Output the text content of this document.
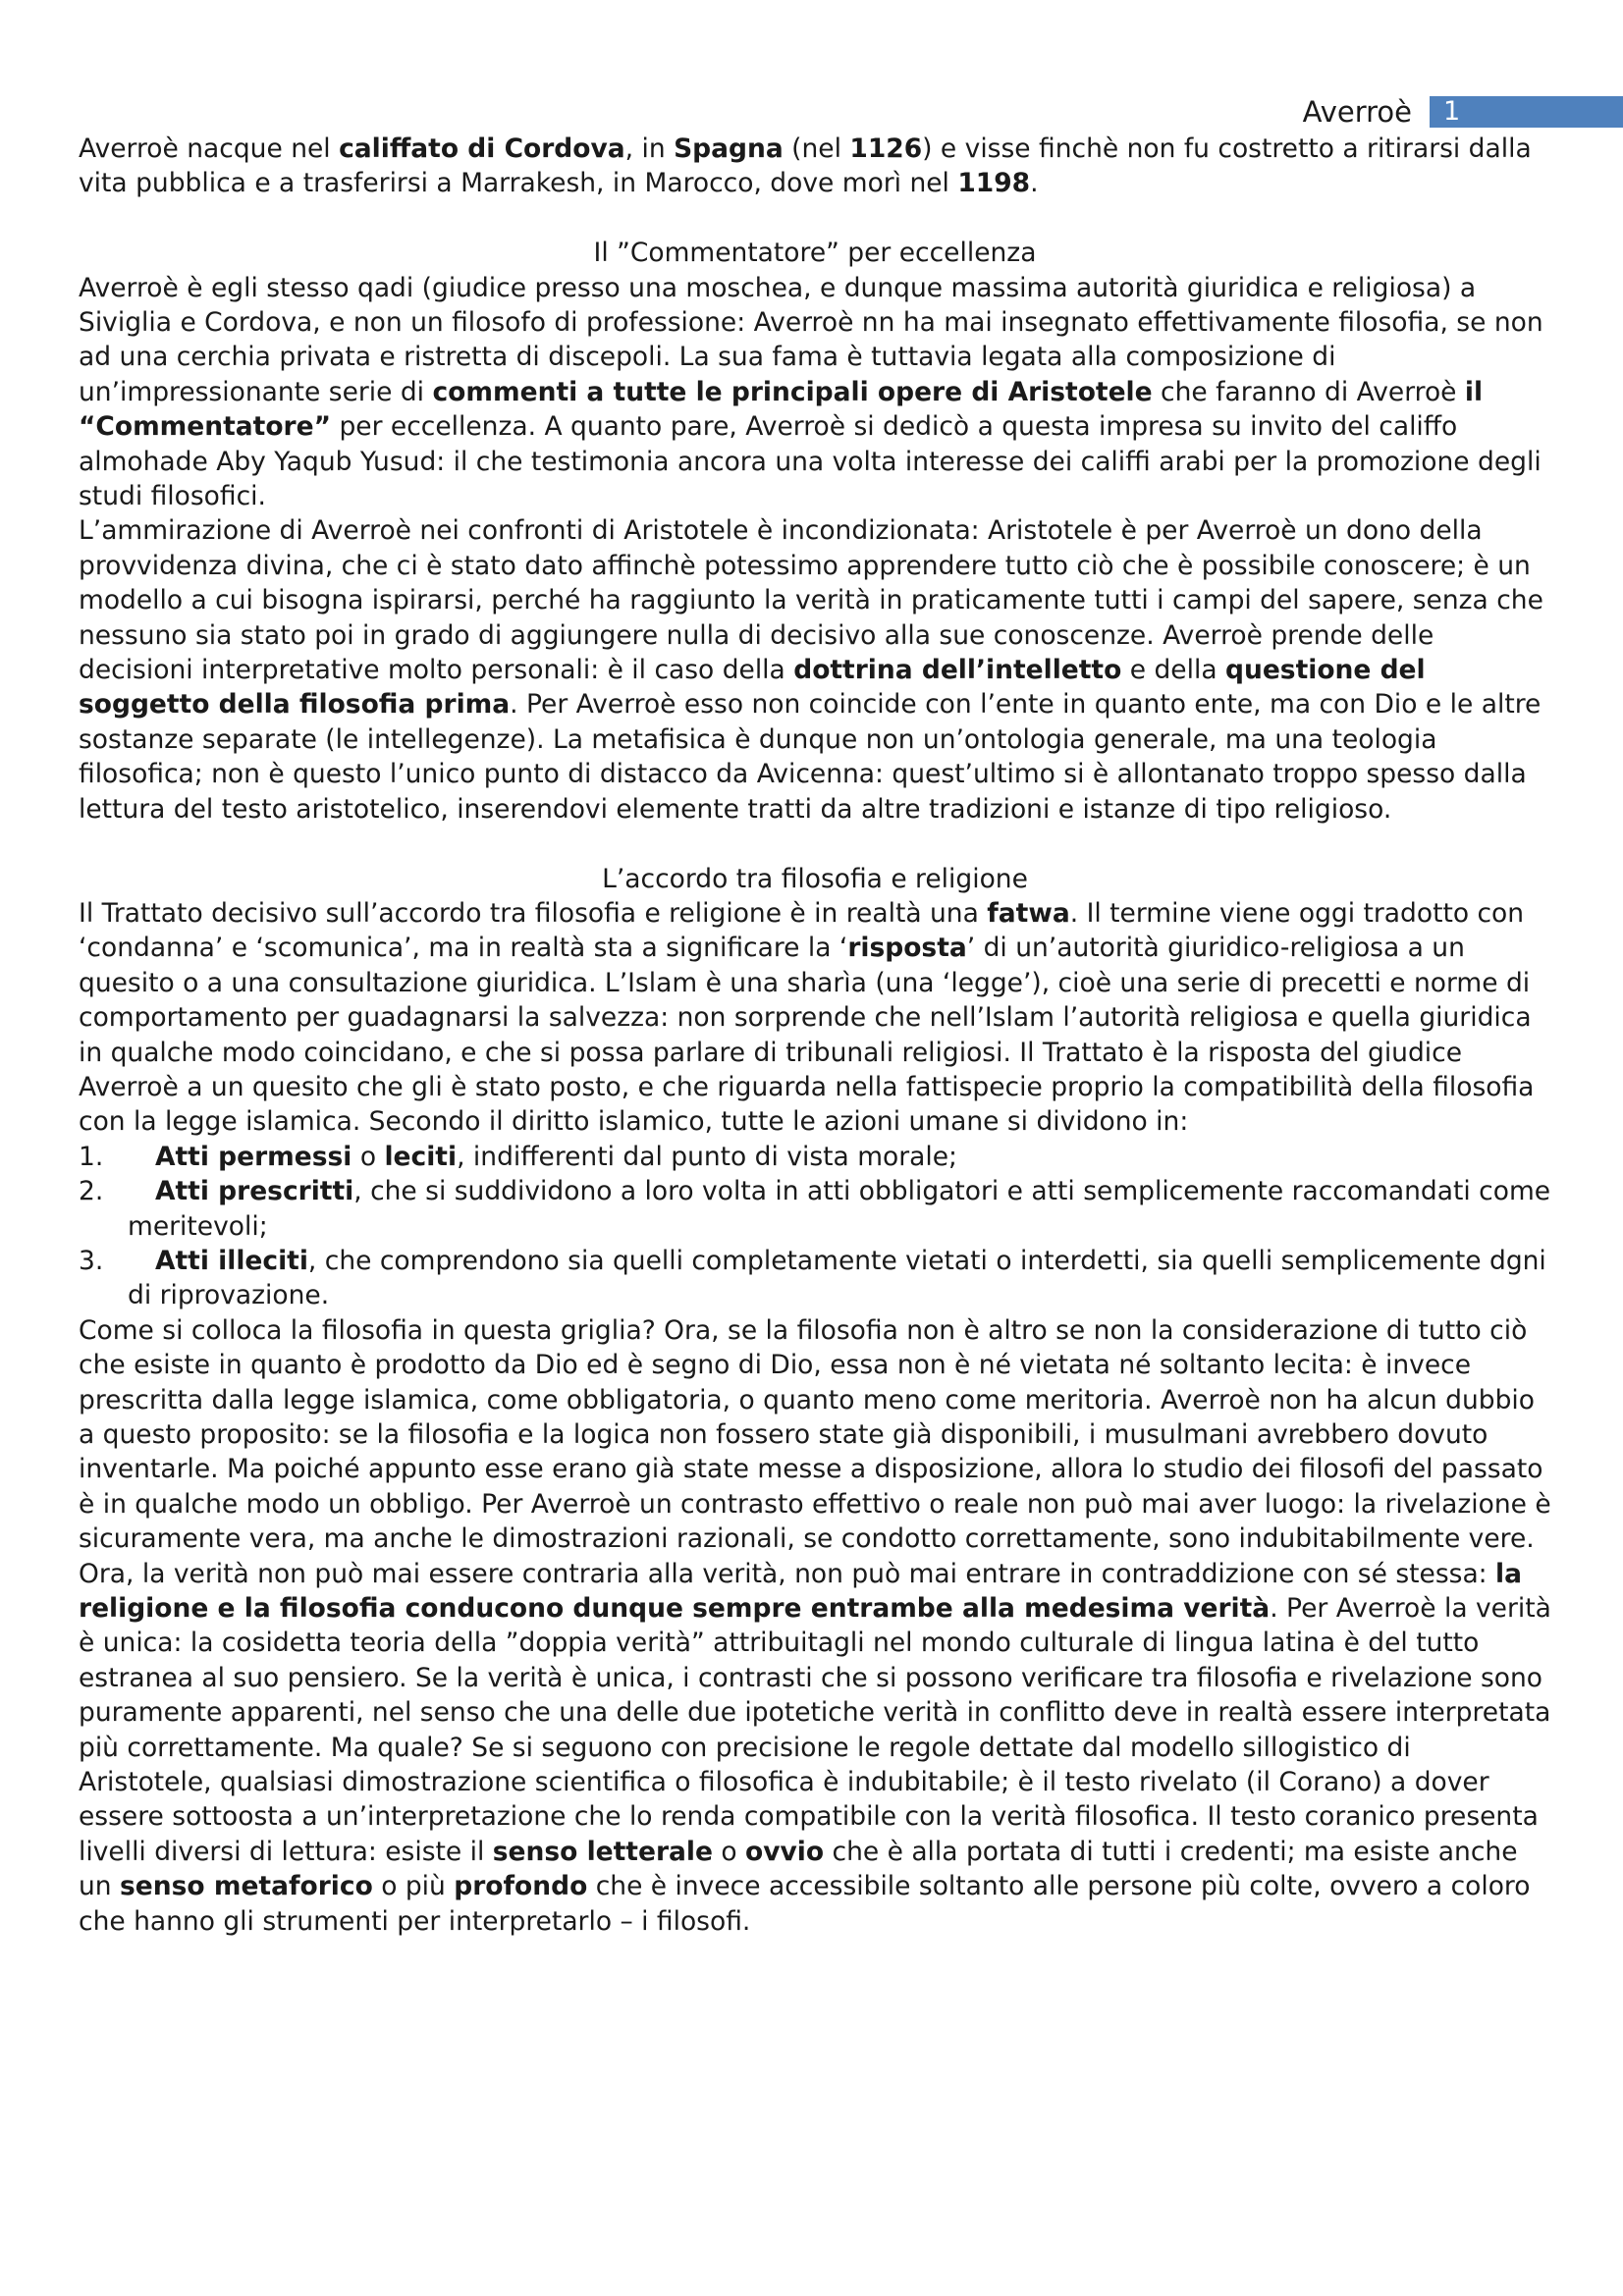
Averroè	1

Averroè nacque nel califfato di Cordova, in Spagna (nel 1126) e visse finchè non fu costretto a ritirarsi dalla vita pubblica e a trasferirsi a Marrakesh, in Marocco, dove morì nel 1198.

Il ”Commentatore” per eccellenza

Averroè è egli stesso qadi (giudice presso una moschea, e dunque massima autorità giuridica e religiosa) a Siviglia e Cordova, e non un filosofo di professione: Averroè nn ha mai insegnato effettivamente filosofia, se non ad una cerchia privata e ristretta di discepoli. La sua fama è tuttavia legata alla composizione di un’impressionante serie di commenti a tutte le principali opere di Aristotele che faranno di Averroè il “Commentatore” per eccellenza. A quanto pare, Averroè si dedicò a questa impresa su invito del califfo almohade Aby Yaqub Yusud: il che testimonia ancora una volta interesse dei califfi arabi per la promozione degli studi filosofici.

L’ammirazione di Averroè nei confronti di Aristotele è incondizionata: Aristotele è per Averroè un dono della provvidenza divina, che ci è stato dato affinchè potessimo apprendere tutto ciò che è possibile conoscere; è un modello a cui bisogna ispirarsi, perché ha raggiunto la verità in praticamente tutti i campi del sapere, senza che nessuno sia stato poi in grado di aggiungere nulla di decisivo alla sue conoscenze. Averroè prende delle decisioni interpretative molto personali: è il caso della dottrina dell’intelletto e della questione del soggetto della filosofia prima. Per Averroè esso non coincide con l’ente in quanto ente, ma con Dio e le altre sostanze separate (le intellegenze). La metafisica è dunque non un’ontologia generale, ma una teologia filosofica; non è questo l’unico punto di distacco da Avicenna: quest’ultimo si è allontanato troppo spesso dalla lettura del testo aristotelico, inserendovi elemente tratti da altre tradizioni e istanze di tipo religioso.

L’accordo tra filosofia e religione

Il Trattato decisivo sull’accordo tra filosofia e religione è in realtà una fatwa. Il termine viene oggi tradotto con ‘condanna’ e ‘scomunica’, ma in realtà sta a significare la ‘risposta’ di un’autorità giuridico-religiosa a un quesito o a una consultazione giuridica. L’Islam è una sharìa (una ‘legge’), cioè una serie di precetti e norme di comportamento per guadagnarsi la salvezza: non sorprende che nell’Islam l’autorità religiosa e quella giuridica in qualche modo coincidano, e che si possa parlare di tribunali religiosi. Il Trattato è la risposta del giudice Averroè a un quesito che gli è stato posto, e che riguarda nella fattispecie proprio la compatibilità della filosofia con la legge islamica. Secondo il diritto islamico, tutte le azioni umane si dividono in:

1.	Atti permessi o leciti, indifferenti dal punto di vista morale;
2.	Atti prescritti, che si suddividono a loro volta in atti obbligatori e atti semplicemente raccomandati come meritevoli;
3.	Atti illeciti, che comprendono sia quelli completamente vietati o interdetti, sia quelli semplicemente dgni di riprovazione.

Come si colloca la filosofia in questa griglia? Ora, se la filosofia non è altro se non la considerazione di tutto ciò che esiste in quanto è prodotto da Dio ed è segno di Dio, essa non è né vietata né soltanto lecita: è invece prescritta dalla legge islamica, come obbligatoria, o quanto meno come meritoria. Averroè non ha alcun dubbio a questo proposito: se la filosofia e la logica non fossero state già disponibili, i musulmani avrebbero dovuto inventarle. Ma poiché appunto esse erano già state messe a disposizione, allora lo studio dei filosofi del passato è in qualche modo un obbligo. Per Averroè un contrasto effettivo o reale non può mai aver luogo: la rivelazione è sicuramente vera, ma anche le dimostrazioni razionali, se condotto correttamente, sono indubitabilmente vere. Ora, la verità non può mai essere contraria alla verità, non può mai entrare in contraddizione con sé stessa: la religione e la filosofia conducono dunque sempre entrambe alla medesima verità. Per Averroè la verità è unica: la cosidetta teoria della ”doppia verità” attribuitagli nel mondo culturale di lingua latina è del tutto estranea al suo pensiero. Se la verità è unica, i contrasti che si possono verificare tra filosofia e rivelazione sono puramente apparenti, nel senso che una delle due ipotetiche verità in conflitto deve in realtà essere interpretata più correttamente. Ma quale? Se si seguono con precisione le regole dettate dal modello sillogistico di Aristotele, qualsiasi dimostrazione scientifica o filosofica è indubitabile; è il testo rivelato (il Corano) a dover essere sottoosta a un’interpretazione che lo renda compatibile con la verità filosofica. Il testo coranico presenta livelli diversi di lettura: esiste il senso letterale o ovvio che è alla portata di tutti i credenti; ma esiste anche un senso metaforico o più profondo che è invece accessibile soltanto alle persone più colte, ovvero a coloro che hanno gli strumenti per interpretarlo – i filosofi.
